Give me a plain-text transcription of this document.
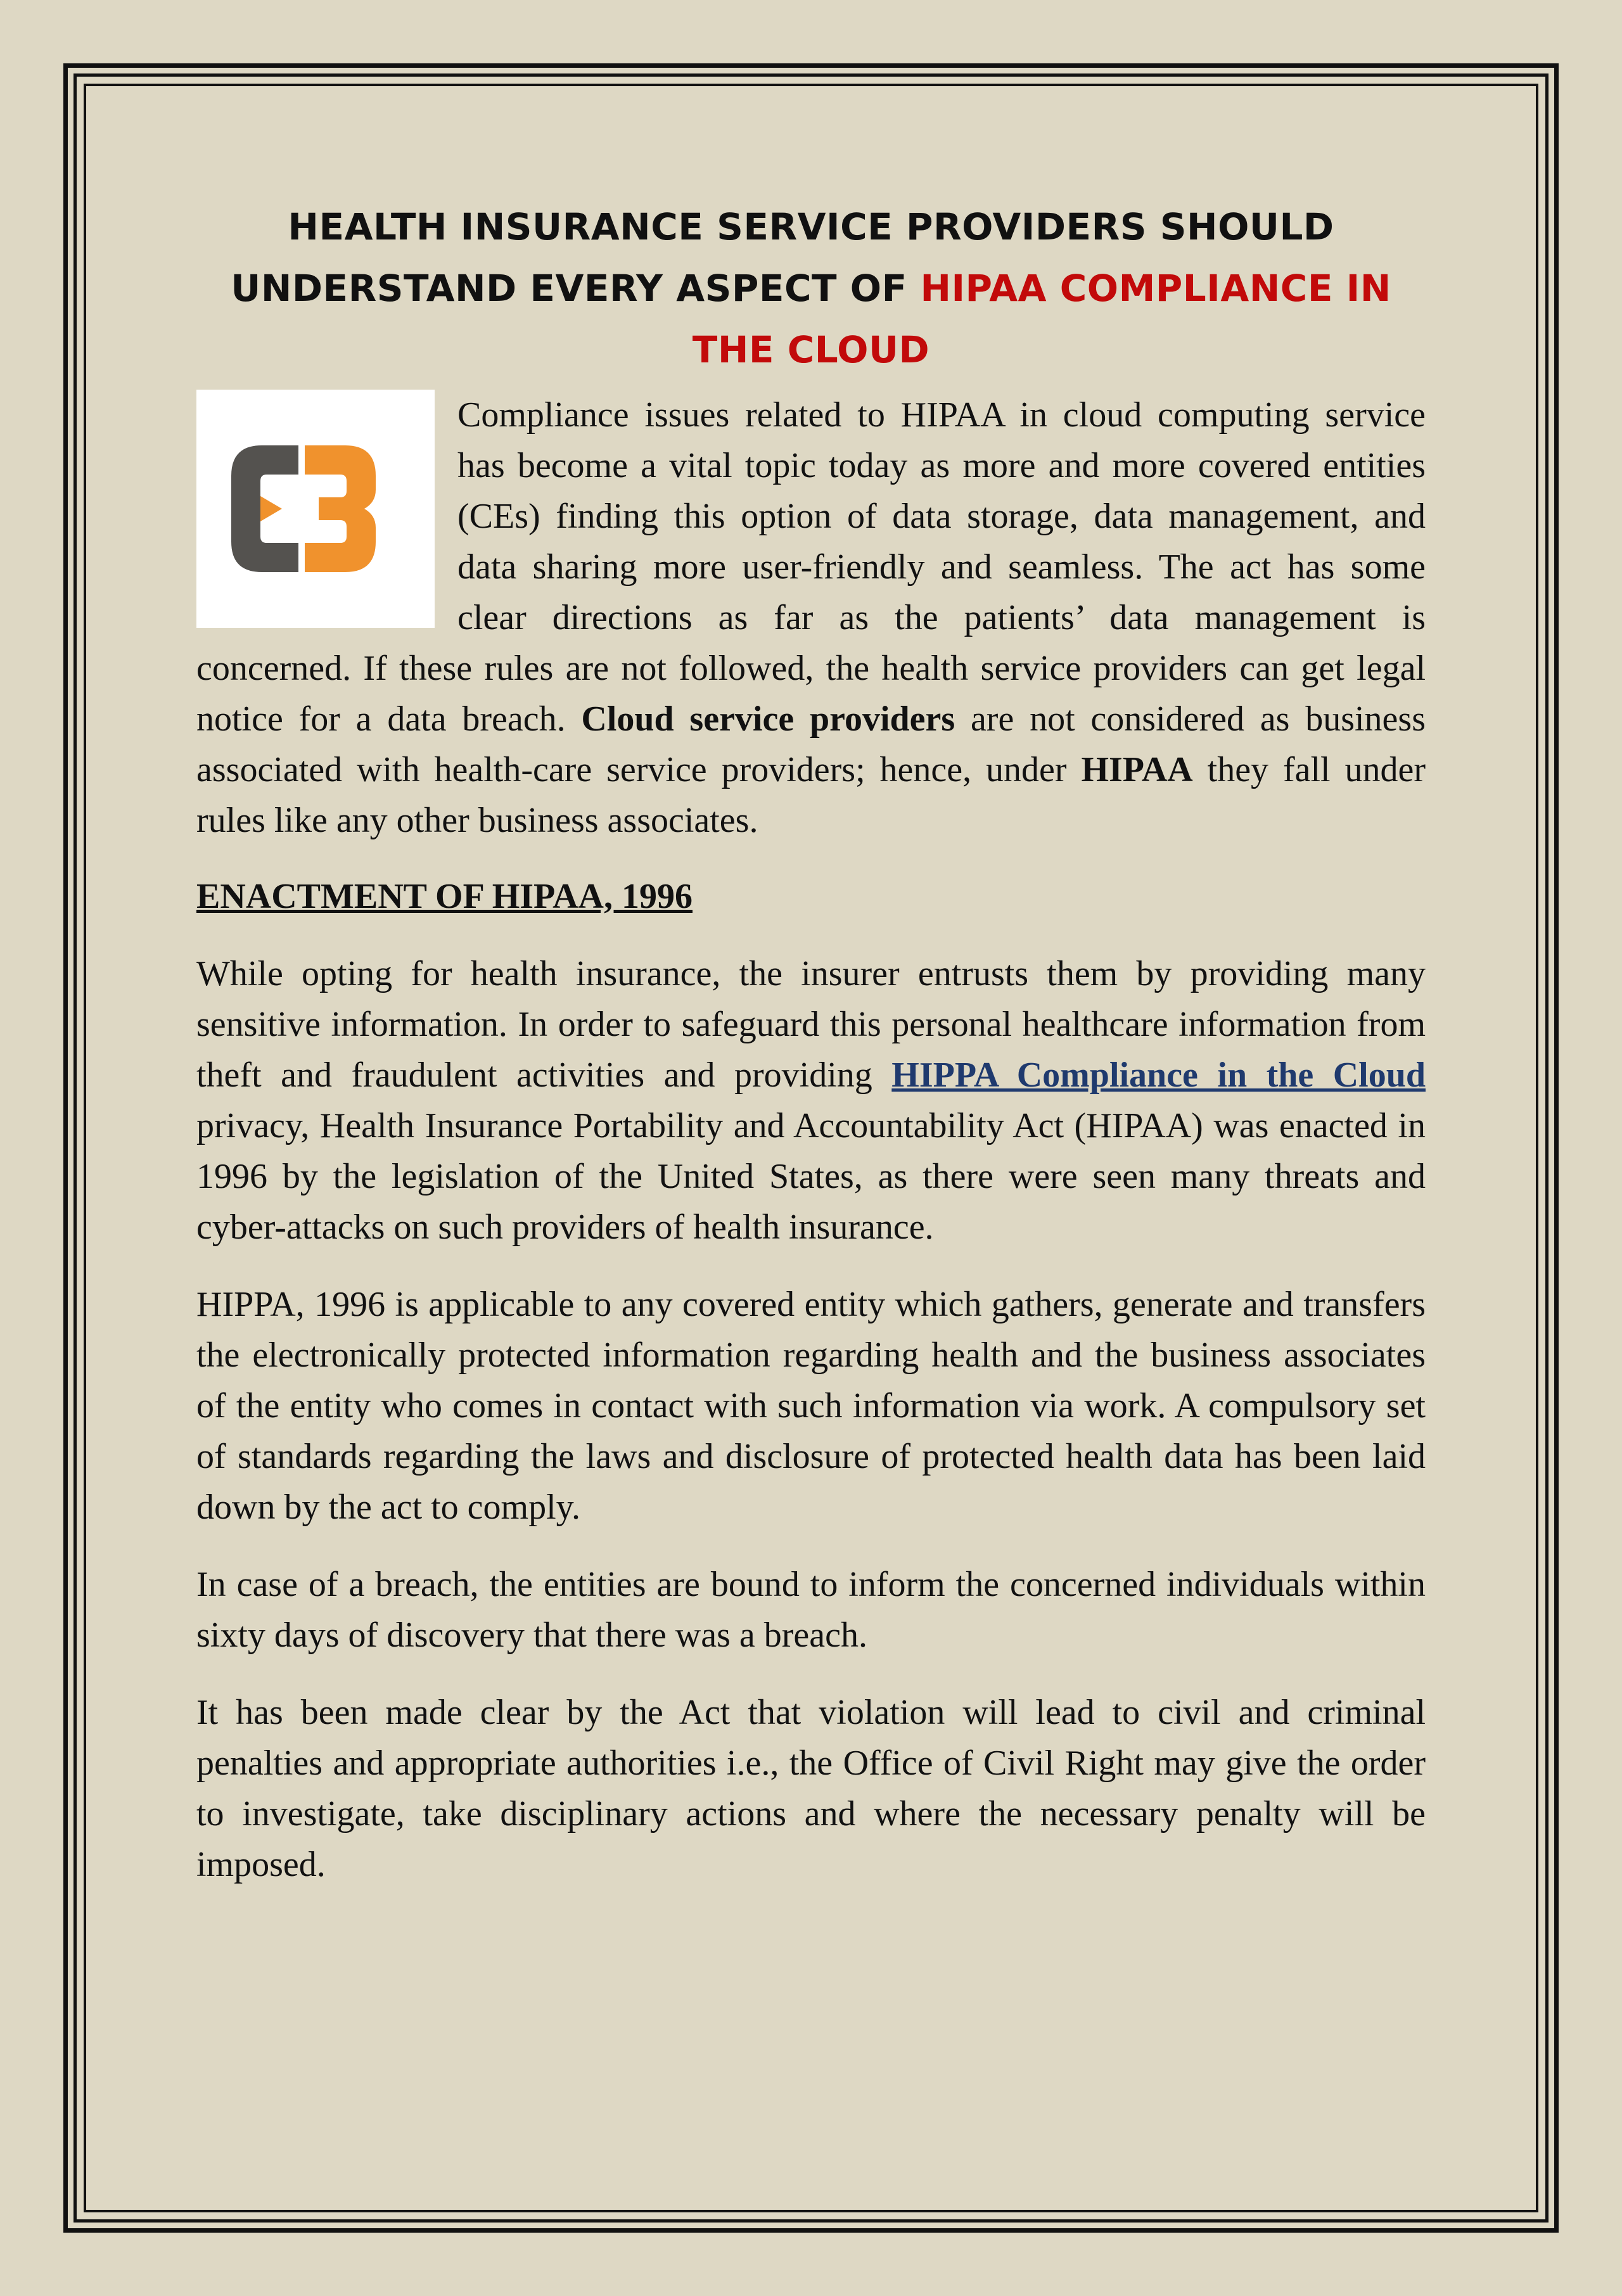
HEALTH INSURANCE SERVICE PROVIDERS SHOULD UNDERSTAND EVERY ASPECT OF HIPAA COMPLIANCE IN THE CLOUD

Compliance issues related to HIPAA in cloud computing service has become a vital topic today as more and more covered entities (CEs) finding this option of data storage, data management, and data sharing more user-friendly and seamless. The act has some clear directions as far as the patients’ data management is concerned. If these rules are not followed, the health service providers can get legal notice for a data breach. Cloud service providers are not considered as business associated with health-care service providers; hence, under HIPAA they fall under rules like any other business associates.

ENACTMENT OF HIPAA, 1996

While opting for health insurance, the insurer entrusts them by providing many sensitive information. In order to safeguard this personal healthcare information from theft and fraudulent activities and providing HIPPA Compliance in the Cloud privacy, Health Insurance Portability and Accountability Act (HIPAA) was enacted in 1996 by the legislation of the United States, as there were seen many threats and cyber-attacks on such providers of health insurance.

HIPPA, 1996 is applicable to any covered entity which gathers, generate and transfers the electronically protected information regarding health and the business associates of the entity who comes in contact with such information via work. A compulsory set of standards regarding the laws and disclosure of protected health data has been laid down by the act to comply.

In case of a breach, the entities are bound to inform the concerned individuals within sixty days of discovery that there was a breach.

It has been made clear by the Act that violation will lead to civil and criminal penalties and appropriate authorities i.e., the Office of Civil Right may give the order to investigate, take disciplinary actions and where the necessary penalty will be imposed.
